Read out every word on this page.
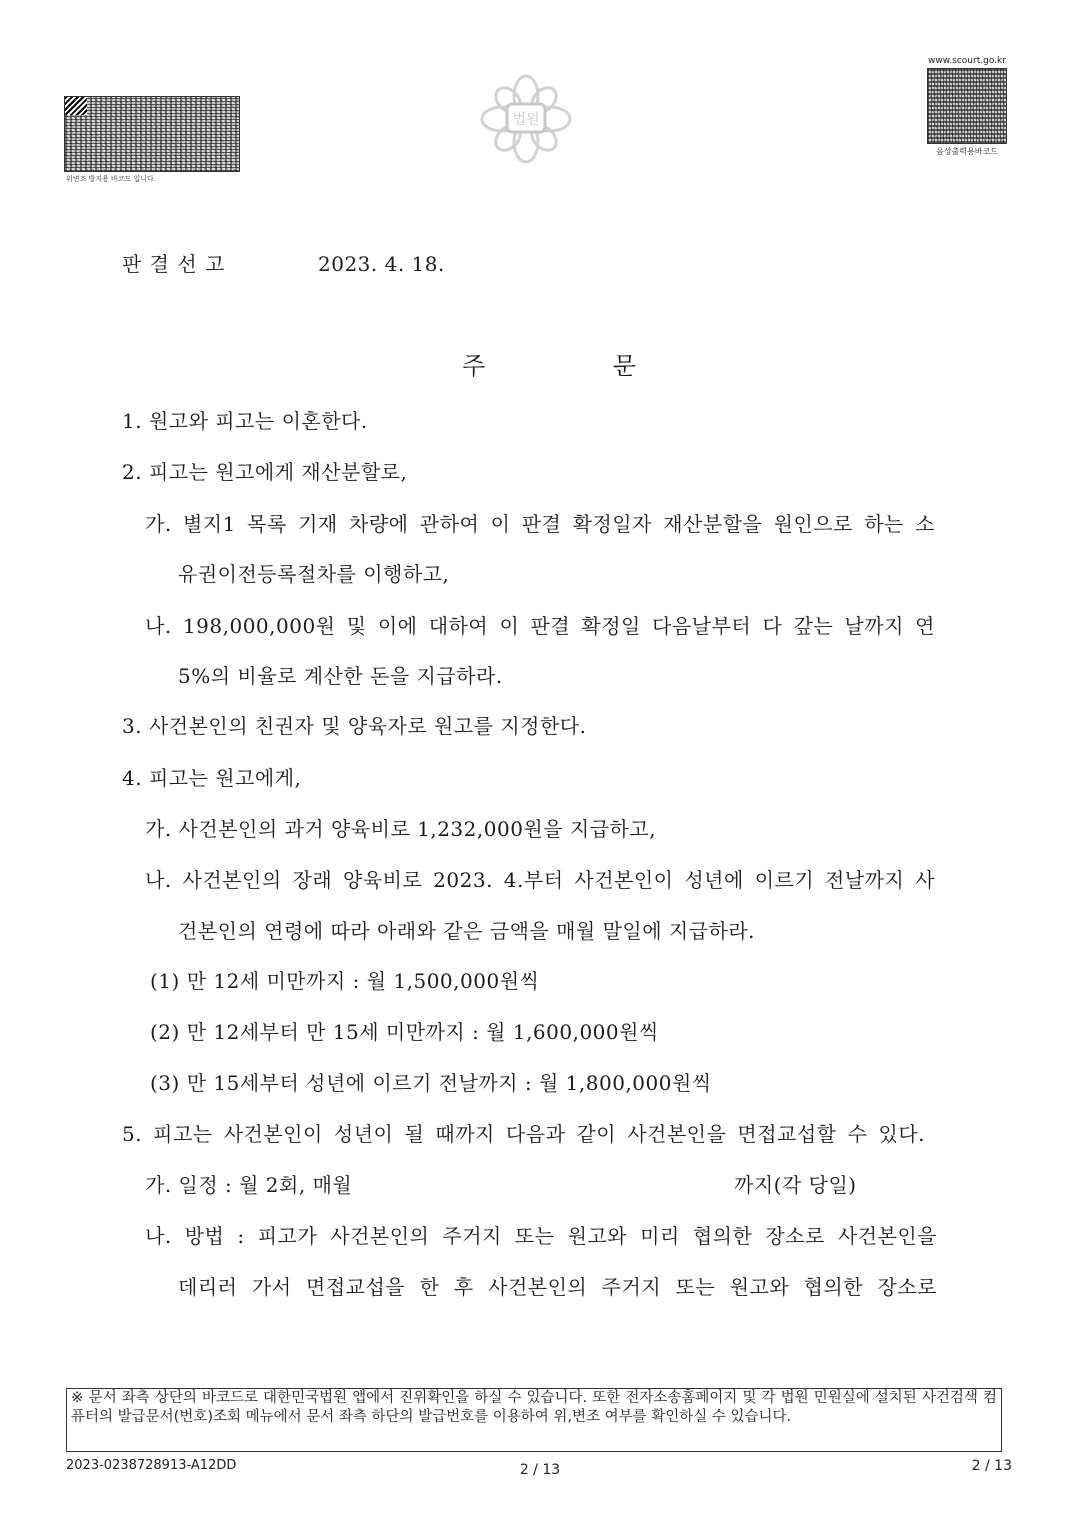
위변조 방지용 바코드 입니다.
법원
www.scourt.go.kr
음성출력용바코드
판 결 선 고	2023. 4. 18.
주 문
1. 원고와 피고는 이혼한다.
2. 피고는 원고에게 재산분할로,
가. 별지1 목록 기재 차량에 관하여 이 판결 확정일자 재산분할을 원인으로 하는 소
유권이전등록절차를 이행하고,
나. 198,000,000원 및 이에 대하여 이 판결 확정일 다음날부터 다 갚는 날까지 연
5%의 비율로 계산한 돈을 지급하라.
3. 사건본인의 친권자 및 양육자로 원고를 지정한다.
4. 피고는 원고에게,
가. 사건본인의 과거 양육비로 1,232,000원을 지급하고,
나. 사건본인의 장래 양육비로 2023. 4.부터 사건본인이 성년에 이르기 전날까지 사
건본인의 연령에 따라 아래와 같은 금액을 매월 말일에 지급하라.
(1) 만 12세 미만까지 : 월 1,500,000원씩
(2) 만 12세부터 만 15세 미만까지 : 월 1,600,000원씩
(3) 만 15세부터 성년에 이르기 전날까지 : 월 1,800,000원씩
5. 피고는 사건본인이 성년이 될 때까지 다음과 같이 사건본인을 면접교섭할 수 있다.
가. 일정 : 월 2회, 매월	까지(각 당일)
나. 방법 : 피고가 사건본인의 주거지 또는 원고와 미리 협의한 장소로 사건본인을
데리러 가서 면접교섭을 한 후 사건본인의 주거지 또는 원고와 협의한 장소로
※ 문서 좌측 상단의 바코드로 대한민국법원 앱에서 진위확인을 하실 수 있습니다. 또한 전자소송홈페이지 및 각 법원 민원실에 설치된 사건검색 컴퓨터의 발급문서(번호)조회 메뉴에서 문서 좌측 하단의 발급번호를 이용하여 위,변조 여부를 확인하실 수 있습니다.
2023-0238728913-A12DD	2 / 13	2 / 13
